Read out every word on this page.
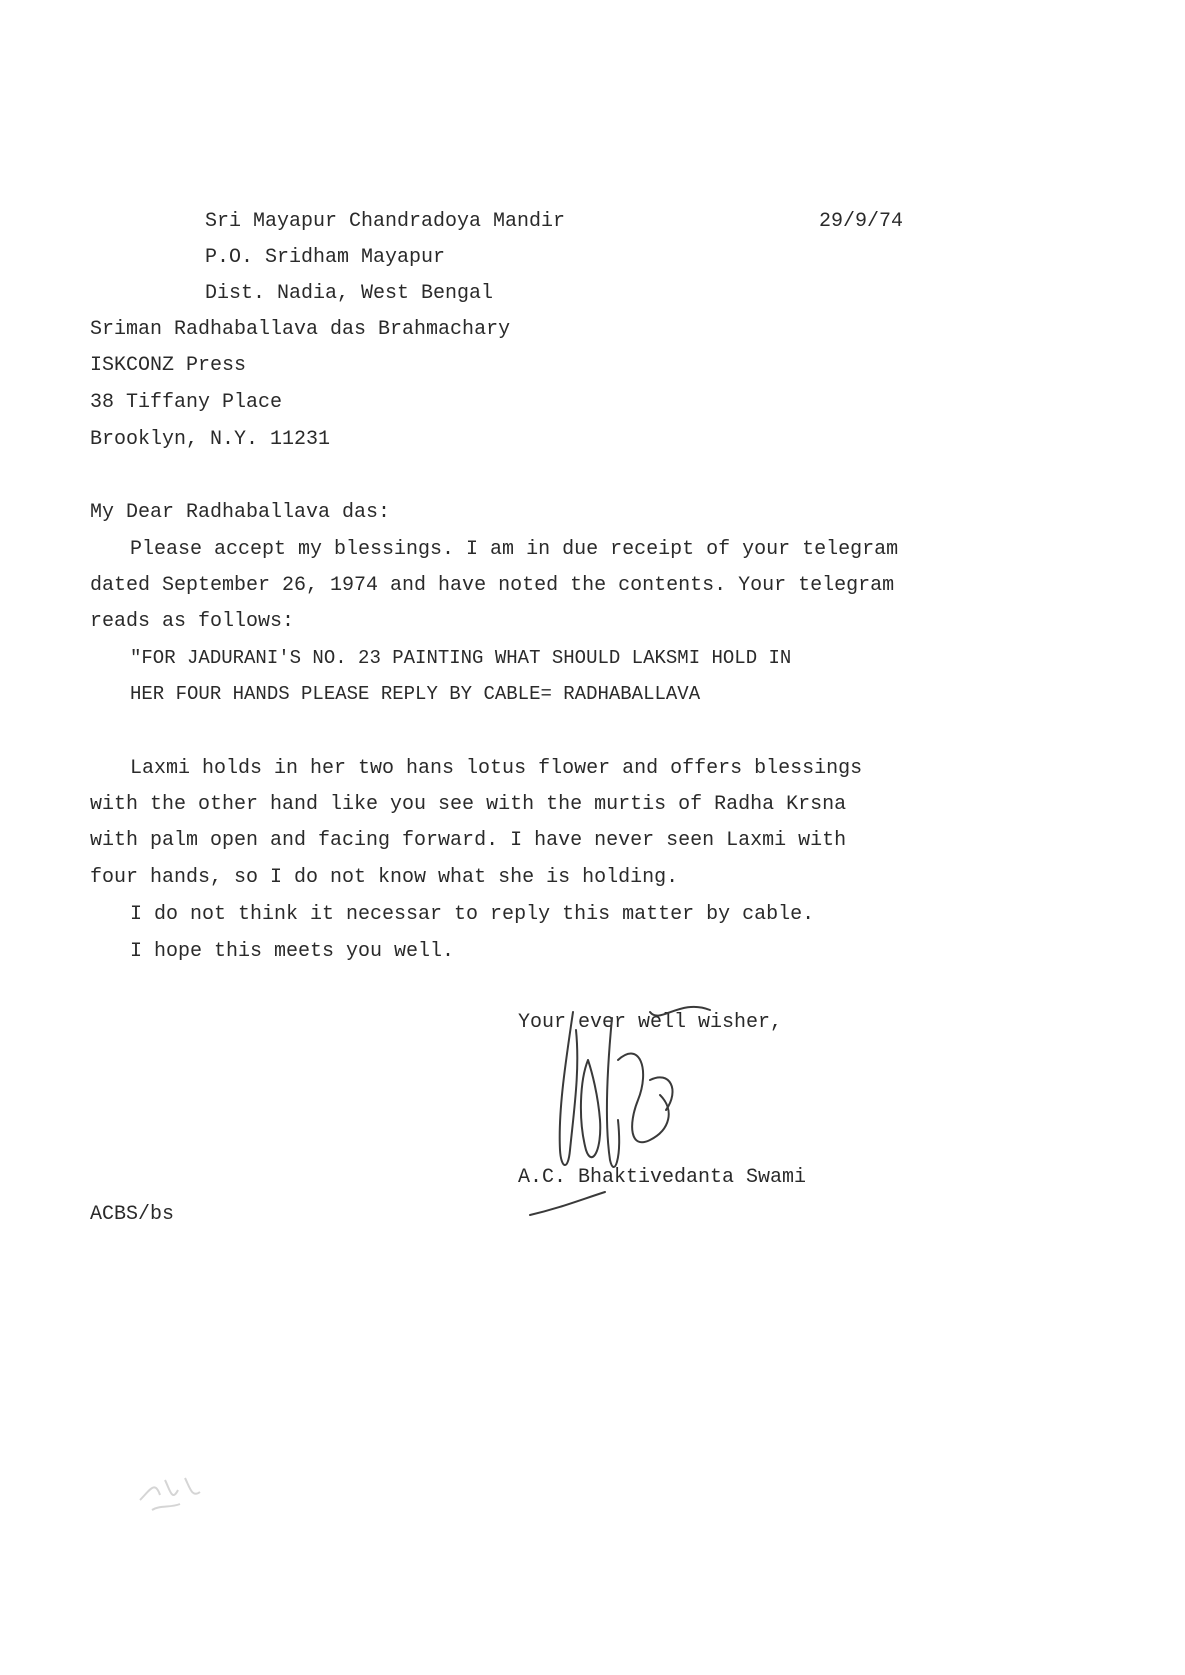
Sri Mayapur Chandradoya Mandir
P.O. Sridham Mayapur
Dist. Nadia, West Bengal
29/9/74
Sriman Radhaballava das Brahmachary
ISKCONZ Press
38 Tiffany Place
Brooklyn, N.Y. 11231
My Dear Radhaballava das:
Please accept my blessings. I am in due receipt of your telegram
dated September 26, 1974 and have noted the contents. Your telegram
reads as follows:
"FOR JADURANI'S NO. 23 PAINTING WHAT SHOULD LAKSMI HOLD IN
HER FOUR HANDS PLEASE REPLY BY CABLE= RADHABALLAVA
Laxmi holds in her two hans lotus flower and offers blessings
with the other hand like you see with the murtis of Radha Krsna
with palm open and facing forward. I have never seen Laxmi with
four hands, so I do not know what she is holding.
I do not think it necessar to reply this matter by cable.
I hope this meets you well.
Your ever well wisher,
A.C. Bhaktivedanta Swami
ACBS/bs
